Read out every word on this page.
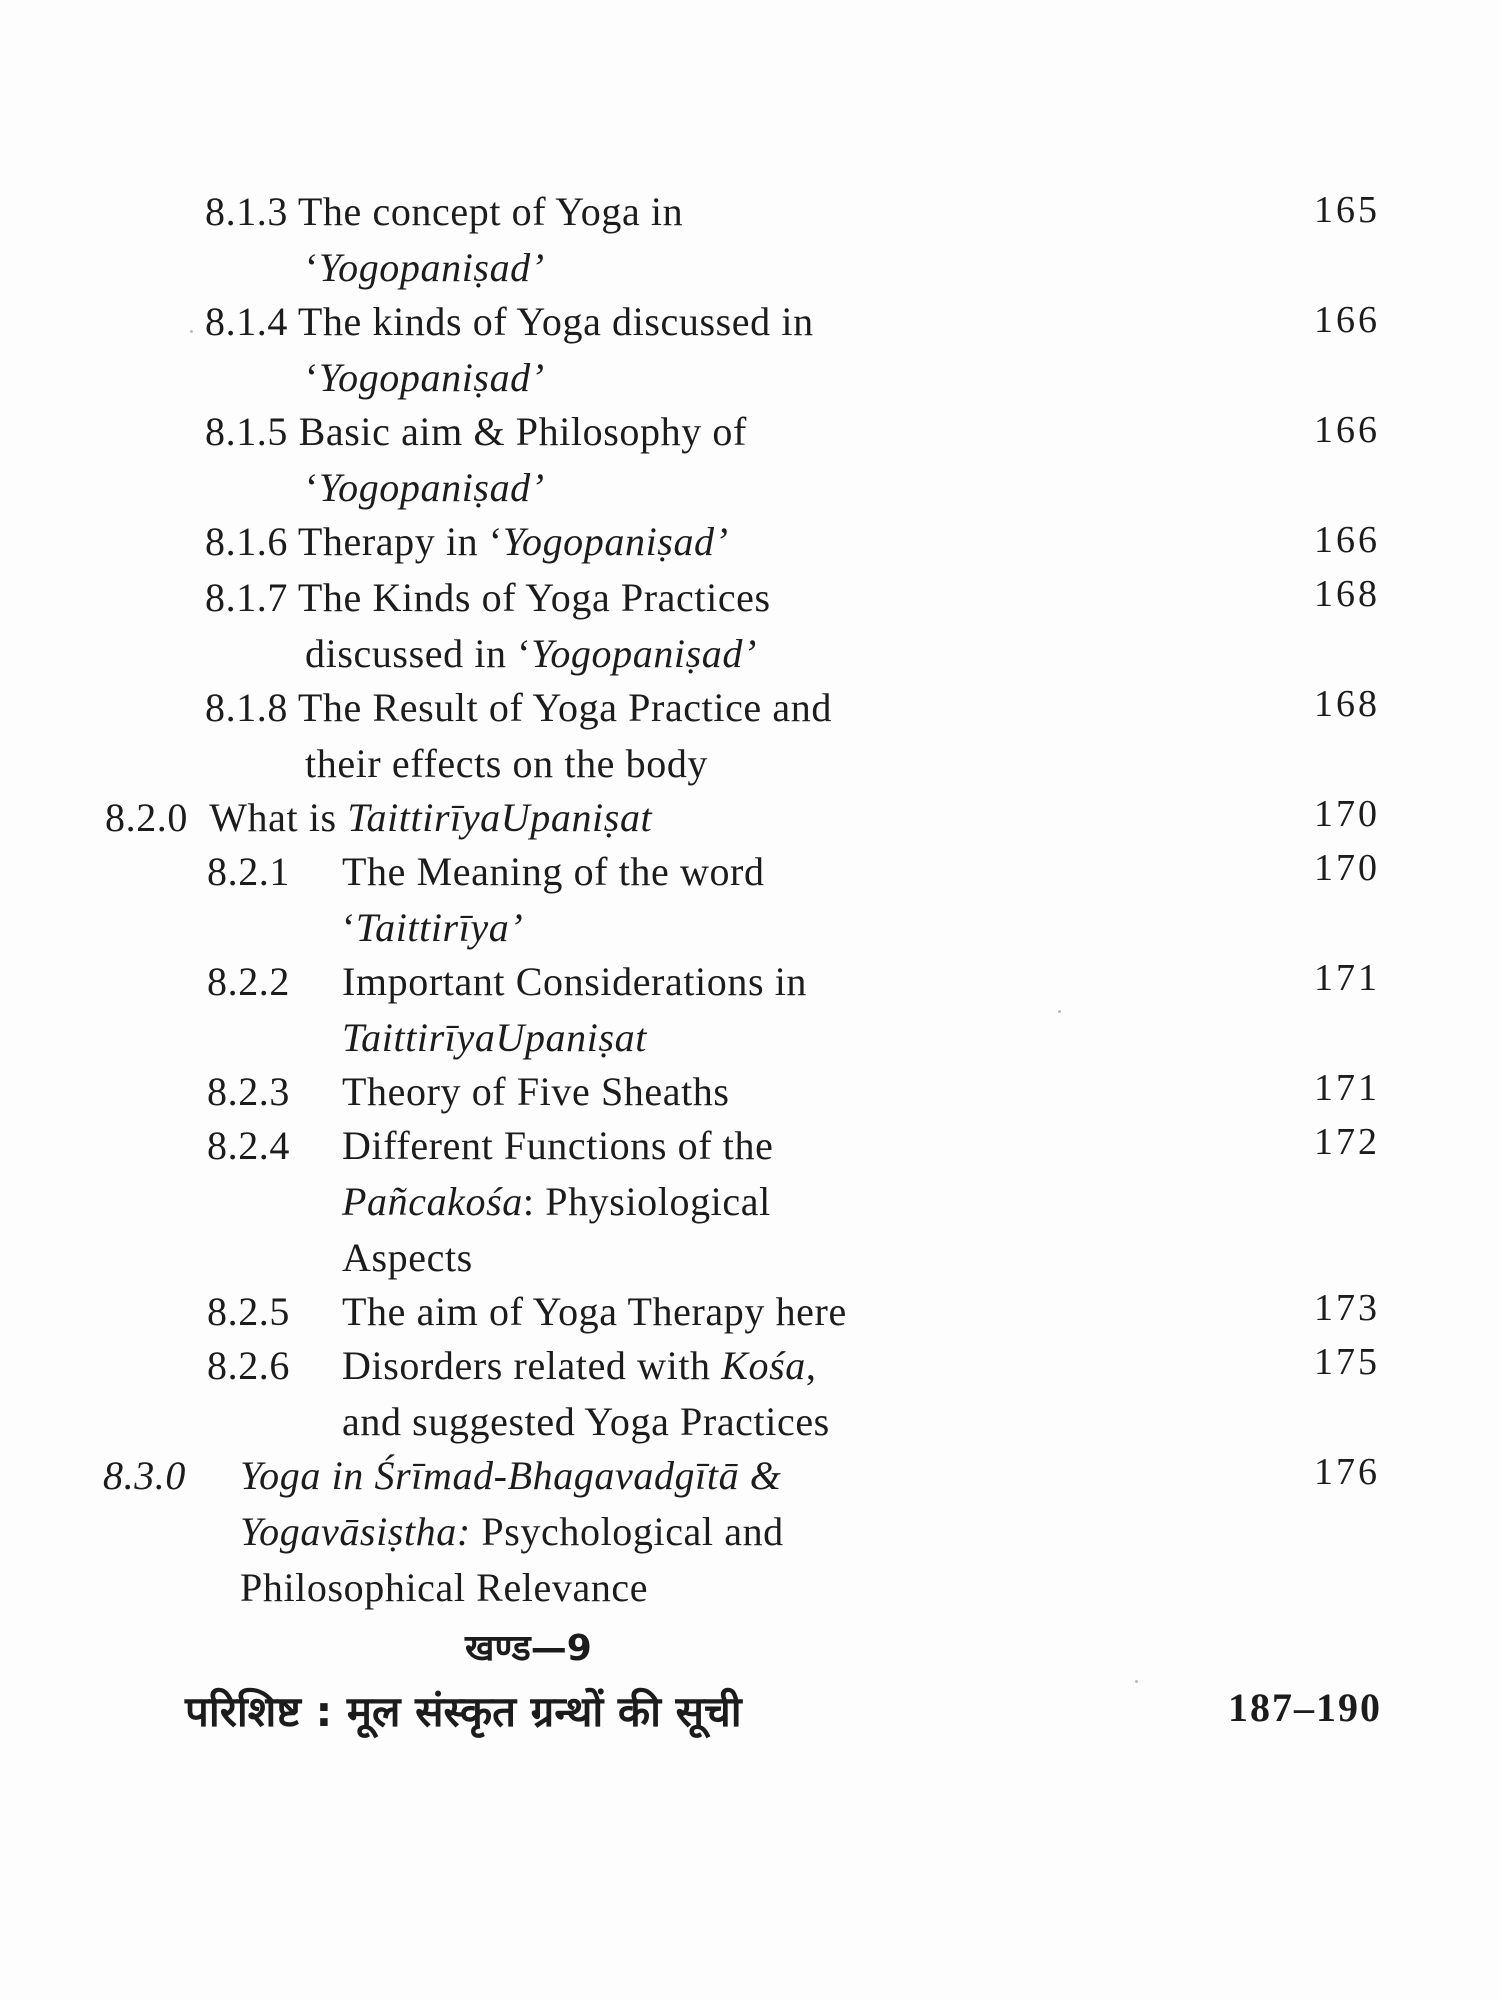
8.1.3 The concept of Yoga in	165
‘Yogopaniṣad’
8.1.4 The kinds of Yoga discussed in	166
‘Yogopaniṣad’
8.1.5 Basic aim & Philosophy of	166
‘Yogopaniṣad’
8.1.6 Therapy in ‘Yogopaniṣad’	166
8.1.7 The Kinds of Yoga Practices	168
discussed in ‘Yogopaniṣad’
8.1.8 The Result of Yoga Practice and	168
their effects on the body
8.2.0 What is TaittirīyaUpaniṣat	170
8.2.1 The Meaning of the word	170
‘Taittirīya’
8.2.2 Important Considerations in	171
TaittirīyaUpaniṣat
8.2.3 Theory of Five Sheaths	171
8.2.4 Different Functions of the	172
Pañcakośa: Physiological
Aspects
8.2.5 The aim of Yoga Therapy here	173
8.2.6 Disorders related with Kośa,	175
and suggested Yoga Practices
8.3.0 Yoga in Śrīmad-Bhagavadgītā &	176
Yogavāsiṣtha: Psychological and
Philosophical Relevance
खण्ड—9
परिशिष्ट : मूल संस्कृत ग्रन्थों की सूची	187–190
